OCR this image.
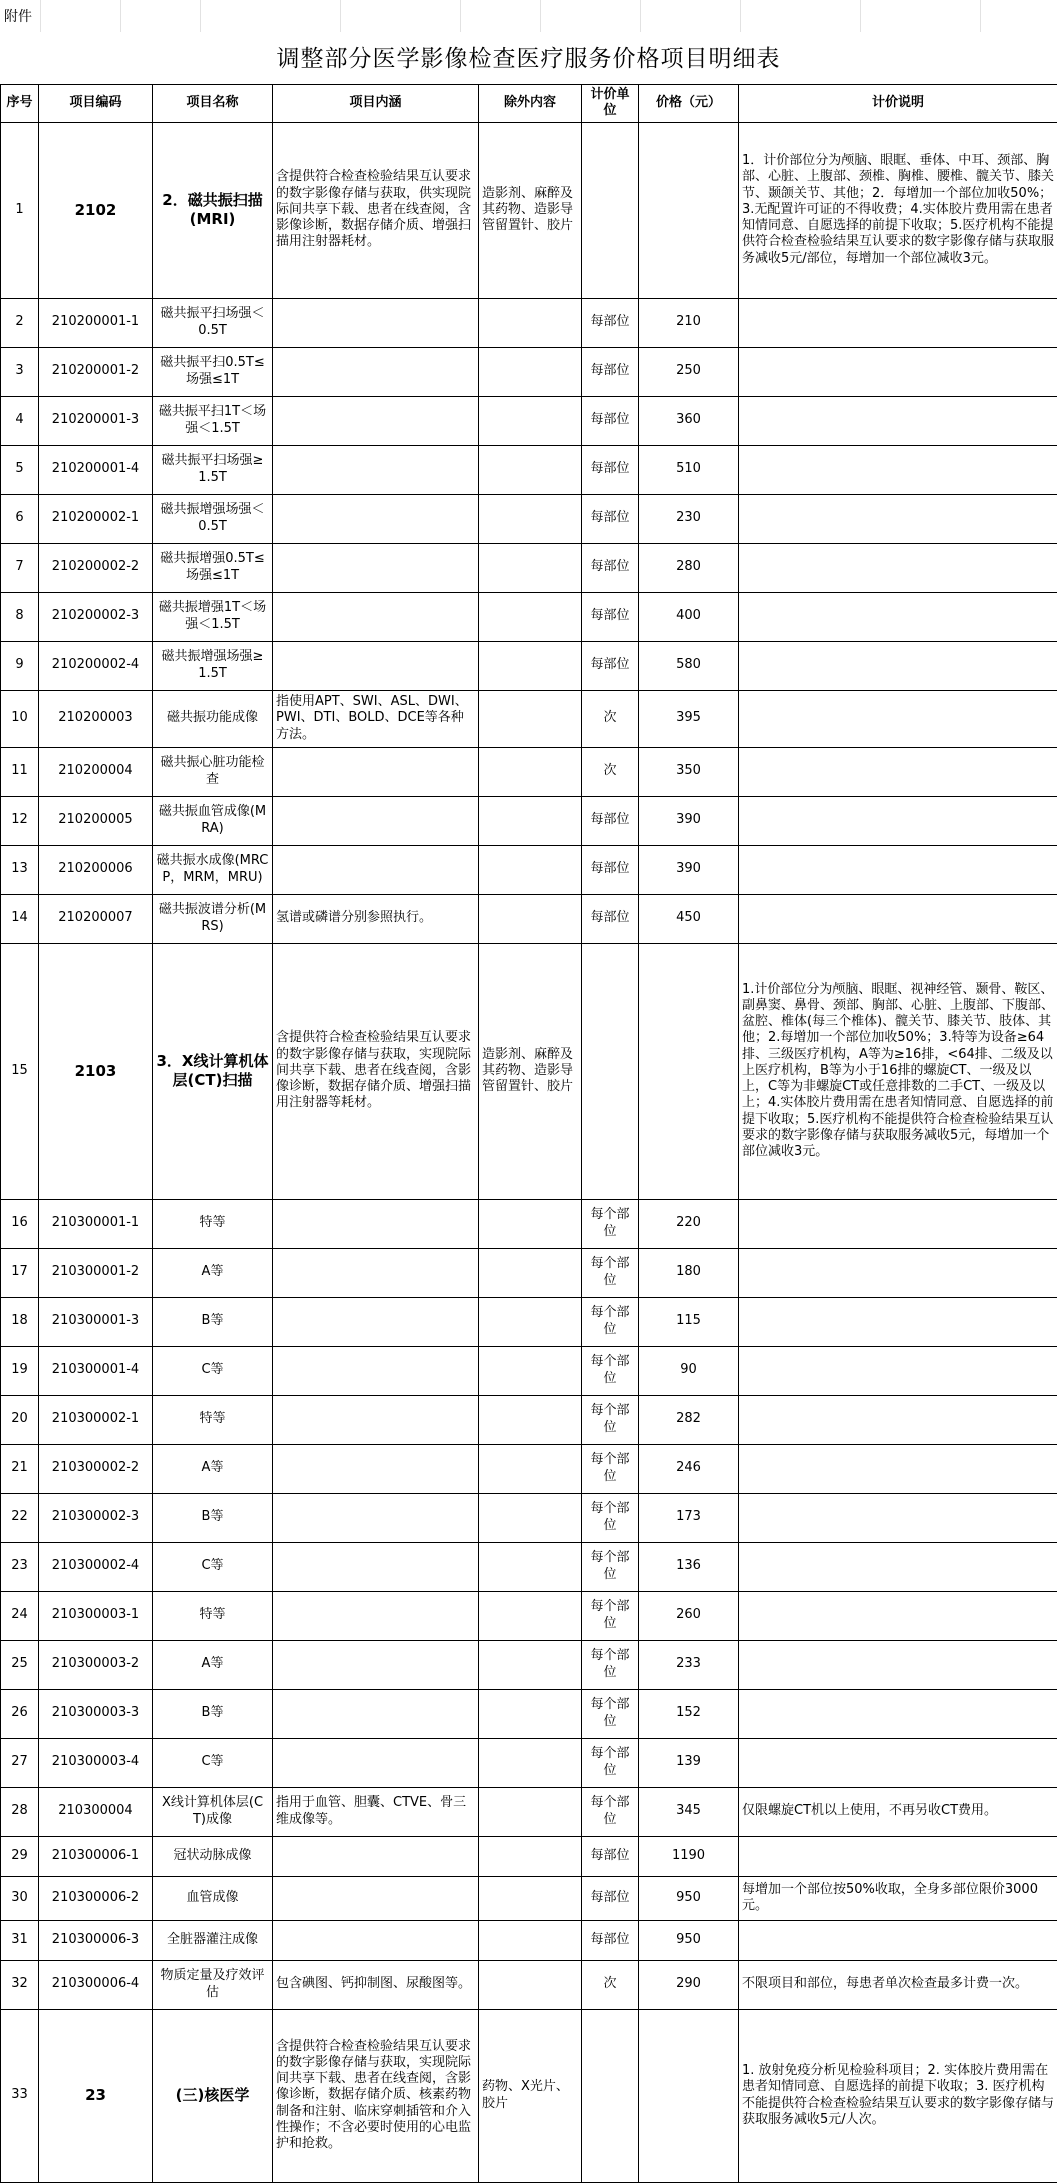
附件
调整部分医学影像检查医疗服务价格项目明细表
序号	项目编码	项目名称	项目内涵	除外内容	计价单位	价格（元）	计价说明
1	2102	2．磁共振扫描(MRI)	含提供符合检查检验结果互认要求的数字影像存储与获取，供实现院际间共享下载、患者在线查阅，含影像诊断，数据存储介质、增强扫描用注射器耗材。	造影剂、麻醉及其药物、造影导管留置针、胶片			1．计价部位分为颅脑、眼眶、垂体、中耳、颈部、胸部、心脏、上腹部、颈椎、胸椎、腰椎、髋关节、膝关节、颞颌关节、其他；2．每增加一个部位加收50%；3.无配置许可证的不得收费；4.实体胶片费用需在患者知情同意、自愿选择的前提下收取；5.医疗机构不能提供符合检查检验结果互认要求的数字影像存储与获取服务减收5元/部位，每增加一个部位减收3元。
2	210200001-1	磁共振平扫场强＜0.5T			每部位	210	
3	210200001-2	磁共振平扫0.5T≤场强≤1T			每部位	250	
4	210200001-3	磁共振平扫1T＜场强＜1.5T			每部位	360	
5	210200001-4	磁共振平扫场强≥1.5T			每部位	510	
6	210200002-1	磁共振增强场强＜0.5T			每部位	230	
7	210200002-2	磁共振增强0.5T≤场强≤1T			每部位	280	
8	210200002-3	磁共振增强1T＜场强＜1.5T			每部位	400	
9	210200002-4	磁共振增强场强≥1.5T			每部位	580	
10	210200003	磁共振功能成像	指使用APT、SWI、ASL、DWI、PWI、DTI、BOLD、DCE等各种方法。		次	395	
11	210200004	磁共振心脏功能检查			次	350	
12	210200005	磁共振血管成像(MRA)			每部位	390	
13	210200006	磁共振水成像(MRCP，MRM，MRU)			每部位	390	
14	210200007	磁共振波谱分析(MRS)	氢谱或磷谱分别参照执行。		每部位	450	
15	2103	3．X线计算机体层(CT)扫描	含提供符合检查检验结果互认要求的数字影像存储与获取，实现院际间共享下载、患者在线查阅，含影像诊断，数据存储介质、增强扫描用注射器等耗材。	造影剂、麻醉及其药物、造影导管留置针、胶片			1.计价部位分为颅脑、眼眶、视神经管、颞骨、鞍区、副鼻窦、鼻骨、颈部、胸部、心脏、上腹部、下腹部、盆腔、椎体(每三个椎体)、髋关节、膝关节、肢体、其他；2.每增加一个部位加收50%；3.特等为设备≥64排、三级医疗机构，A等为≥16排，<64排、二级及以上医疗机构，B等为小于16排的螺旋CT、一级及以上，C等为非螺旋CT或任意排数的二手CT、一级及以上；4.实体胶片费用需在患者知情同意、自愿选择的前提下收取；5.医疗机构不能提供符合检查检验结果互认要求的数字影像存储与获取服务减收5元，每增加一个部位减收3元。
16	210300001-1	特等			每个部位	220	
17	210300001-2	A等			每个部位	180	
18	210300001-3	B等			每个部位	115	
19	210300001-4	C等			每个部位	90	
20	210300002-1	特等			每个部位	282	
21	210300002-2	A等			每个部位	246	
22	210300002-3	B等			每个部位	173	
23	210300002-4	C等			每个部位	136	
24	210300003-1	特等			每个部位	260	
25	210300003-2	A等			每个部位	233	
26	210300003-3	B等			每个部位	152	
27	210300003-4	C等			每个部位	139	
28	210300004	X线计算机体层(CT)成像	指用于血管、胆囊、CTVE、骨三维成像等。		每个部位	345	仅限螺旋CT机以上使用，不再另收CT费用。
29	210300006-1	冠状动脉成像			每部位	1190	
30	210300006-2	血管成像			每部位	950	每增加一个部位按50%收取，全身多部位限价3000元。
31	210300006-3	全脏器灌注成像			每部位	950	
32	210300006-4	物质定量及疗效评估	包含碘图、钙抑制图、尿酸图等。		次	290	不限项目和部位，每患者单次检查最多计费一次。
33	23	(三)核医学	含提供符合检查检验结果互认要求的数字影像存储与获取，实现院际间共享下载、患者在线查阅，含影像诊断，数据存储介质、核素药物制备和注射、临床穿刺插管和介入性操作；不含必要时使用的心电监护和抢救。	药物、X光片、胶片			1. 放射免疫分析见检验科项目；2. 实体胶片费用需在患者知情同意、自愿选择的前提下收取；3. 医疗机构不能提供符合检查检验结果互认要求的数字影像存储与获取服务减收5元/人次。
